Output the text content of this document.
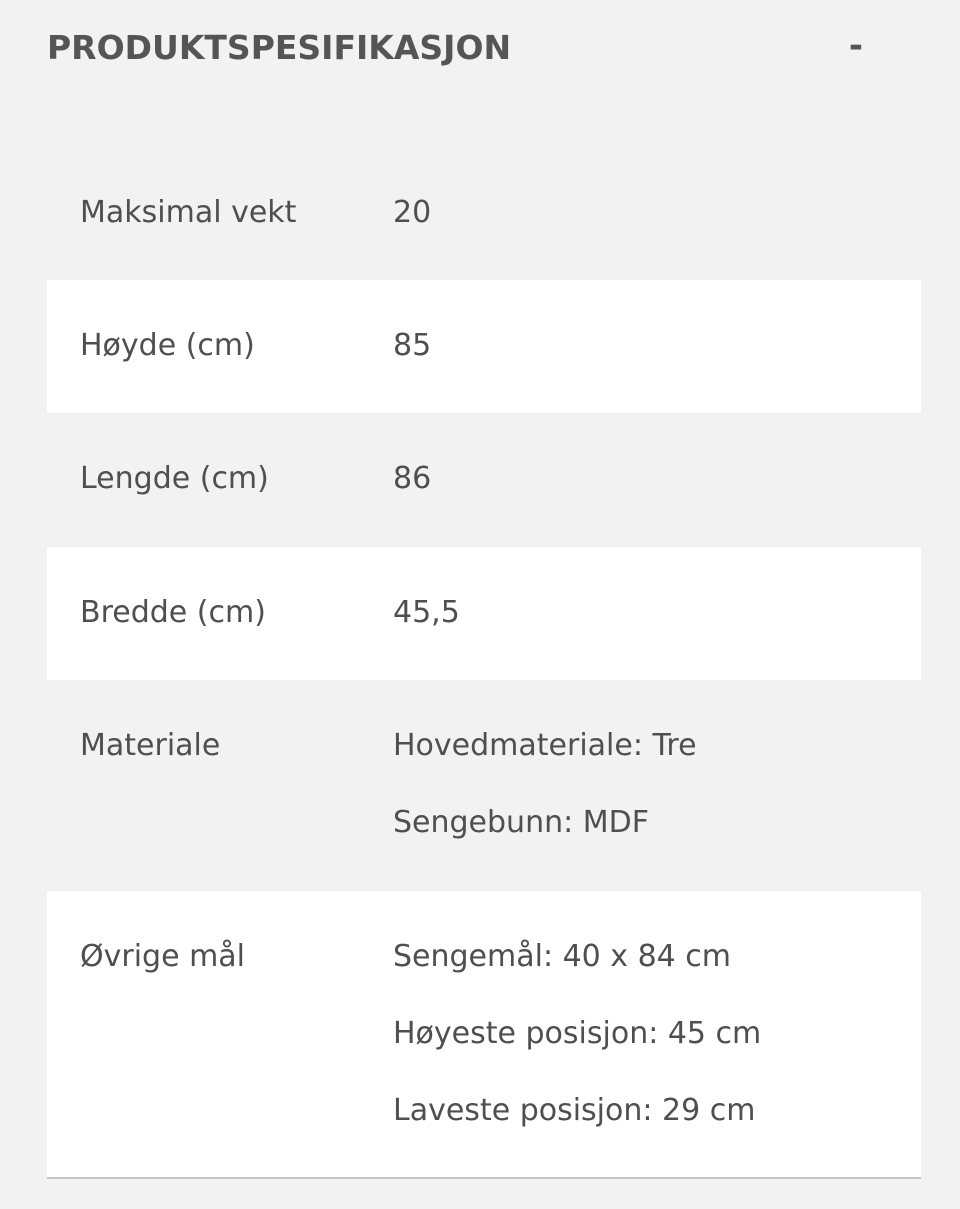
PRODUKTSPESIFIKASJON	-
Maksimal vekt	20
Høyde (cm)	85
Lengde (cm)	86
Bredde (cm)	45,5
Materiale	Hovedmateriale: Tre
Sengebunn: MDF
Øvrige mål	Sengemål: 40 x 84 cm
Høyeste posisjon: 45 cm
Laveste posisjon: 29 cm
